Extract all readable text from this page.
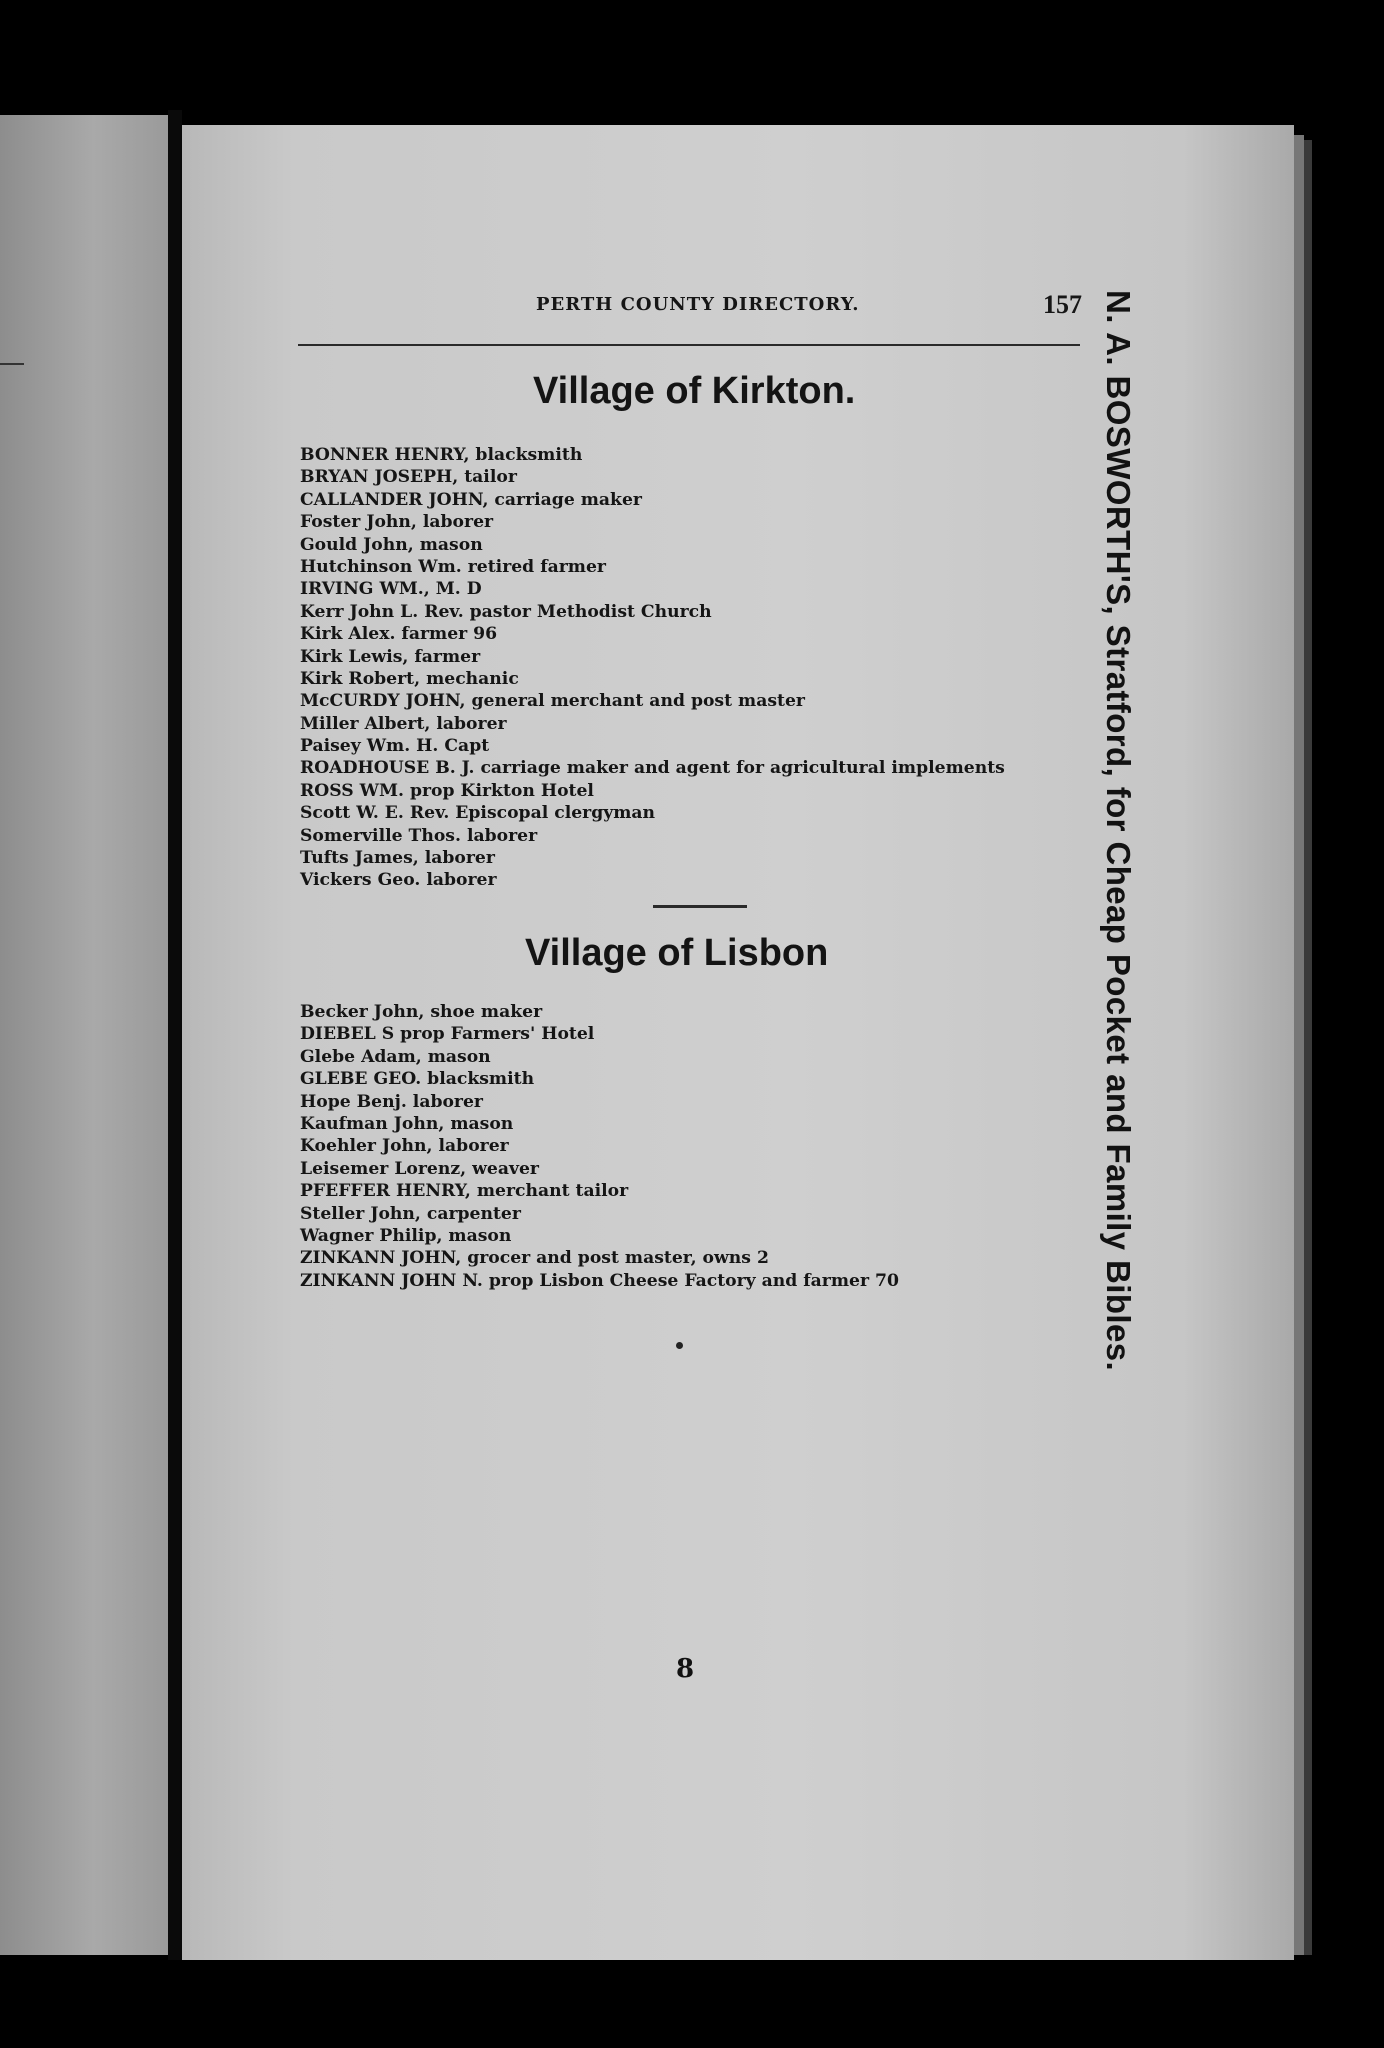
PERTH COUNTY DIRECTORY.	157
Village of Kirkton.
BONNER HENRY, blacksmith
BRYAN JOSEPH, tailor
CALLANDER JOHN, carriage maker
Foster John, laborer
Gould John, mason
Hutchinson Wm. retired farmer
IRVING WM., M. D
Kerr John L. Rev. pastor Methodist Church
Kirk Alex. farmer 96
Kirk Lewis, farmer
Kirk Robert, mechanic
McCURDY JOHN, general merchant and post master
Miller Albert, laborer
Paisey Wm. H. Capt
ROADHOUSE B. J. carriage maker and agent for agricultural implements
ROSS WM. prop Kirkton Hotel
Scott W. E. Rev. Episcopal clergyman
Somerville Thos. laborer
Tufts James, laborer
Vickers Geo. laborer
Village of Lisbon
Becker John, shoe maker
DIEBEL S prop Farmers' Hotel
Glebe Adam, mason
GLEBE GEO. blacksmith
Hope Benj. laborer
Kaufman John, mason
Koehler John, laborer
Leisemer Lorenz, weaver
PFEFFER HENRY, merchant tailor
Steller John, carpenter
Wagner Philip, mason
ZINKANN JOHN, grocer and post master, owns 2
ZINKANN JOHN N. prop Lisbon Cheese Factory and farmer 70
8
N. A. BOSWORTH'S, Stratford, for Cheap Pocket and Family Bibles.
